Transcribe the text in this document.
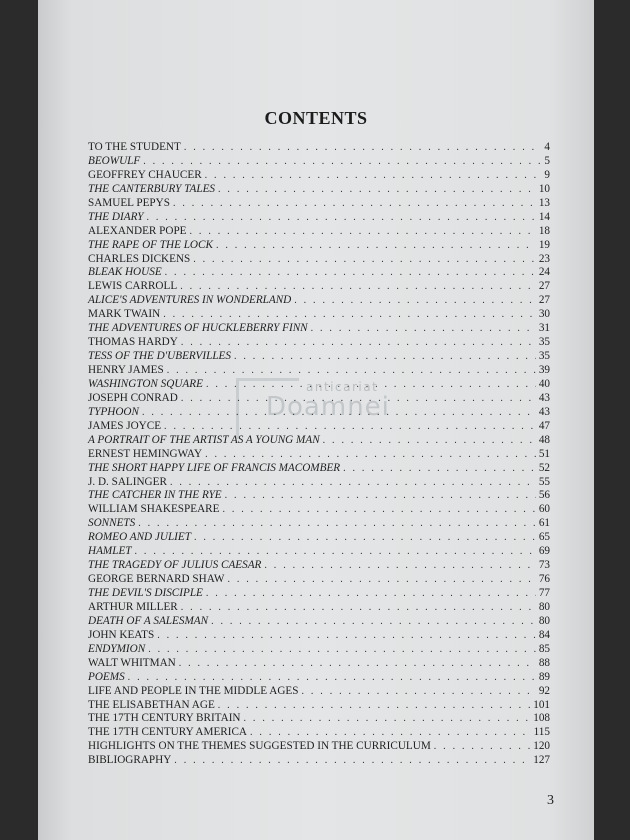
CONTENTS
anticariat
Doamnei
TO THE STUDENT . . .	4
BEOWULF . . .	5
GEOFFREY CHAUCER . . .	9
THE CANTERBURY TALES . . .	10
SAMUEL PEPYS . . .	13
THE DIARY . . .	14
ALEXANDER POPE . . .	18
THE RAPE OF THE LOCK . . .	19
CHARLES DICKENS . . .	23
BLEAK HOUSE . . .	24
LEWIS CARROLL . . .	27
ALICE'S ADVENTURES IN WONDERLAND . . .	27
MARK TWAIN . . .	30
THE ADVENTURES OF HUCKLEBERRY FINN . . .	31
THOMAS HARDY . . .	35
TESS OF THE D'UBERVILLES . . .	35
HENRY JAMES . . .	39
WASHINGTON SQUARE . . .	40
JOSEPH CONRAD . . .	43
TYPHOON . . .	43
JAMES JOYCE . . .	47
A PORTRAIT OF THE ARTIST AS A YOUNG MAN . . .	48
ERNEST HEMINGWAY . . .	51
THE SHORT HAPPY LIFE OF FRANCIS MACOMBER . . .	52
J. D. SALINGER . . .	55
THE CATCHER IN THE RYE . . .	56
WILLIAM SHAKESPEARE . . .	60
SONNETS . . .	61
ROMEO AND JULIET . . .	65
HAMLET . . .	69
THE TRAGEDY OF JULIUS CAESAR . . .	73
GEORGE BERNARD SHAW . . .	76
THE DEVIL'S DISCIPLE . . .	77
ARTHUR MILLER . . .	80
DEATH OF A SALESMAN . . .	80
JOHN KEATS . . .	84
ENDYMION . . .	85
WALT WHITMAN . . .	88
POEMS . . .	89
LIFE AND PEOPLE IN THE MIDDLE AGES . . .	92
THE ELISABETHAN AGE . . .	101
THE 17TH CENTURY BRITAIN . . .	108
THE 17TH CENTURY AMERICA . . .	115
HIGHLIGHTS ON THE THEMES SUGGESTED IN THE CURRICULUM . . .	120
BIBLIOGRAPHY . . .	127
3
